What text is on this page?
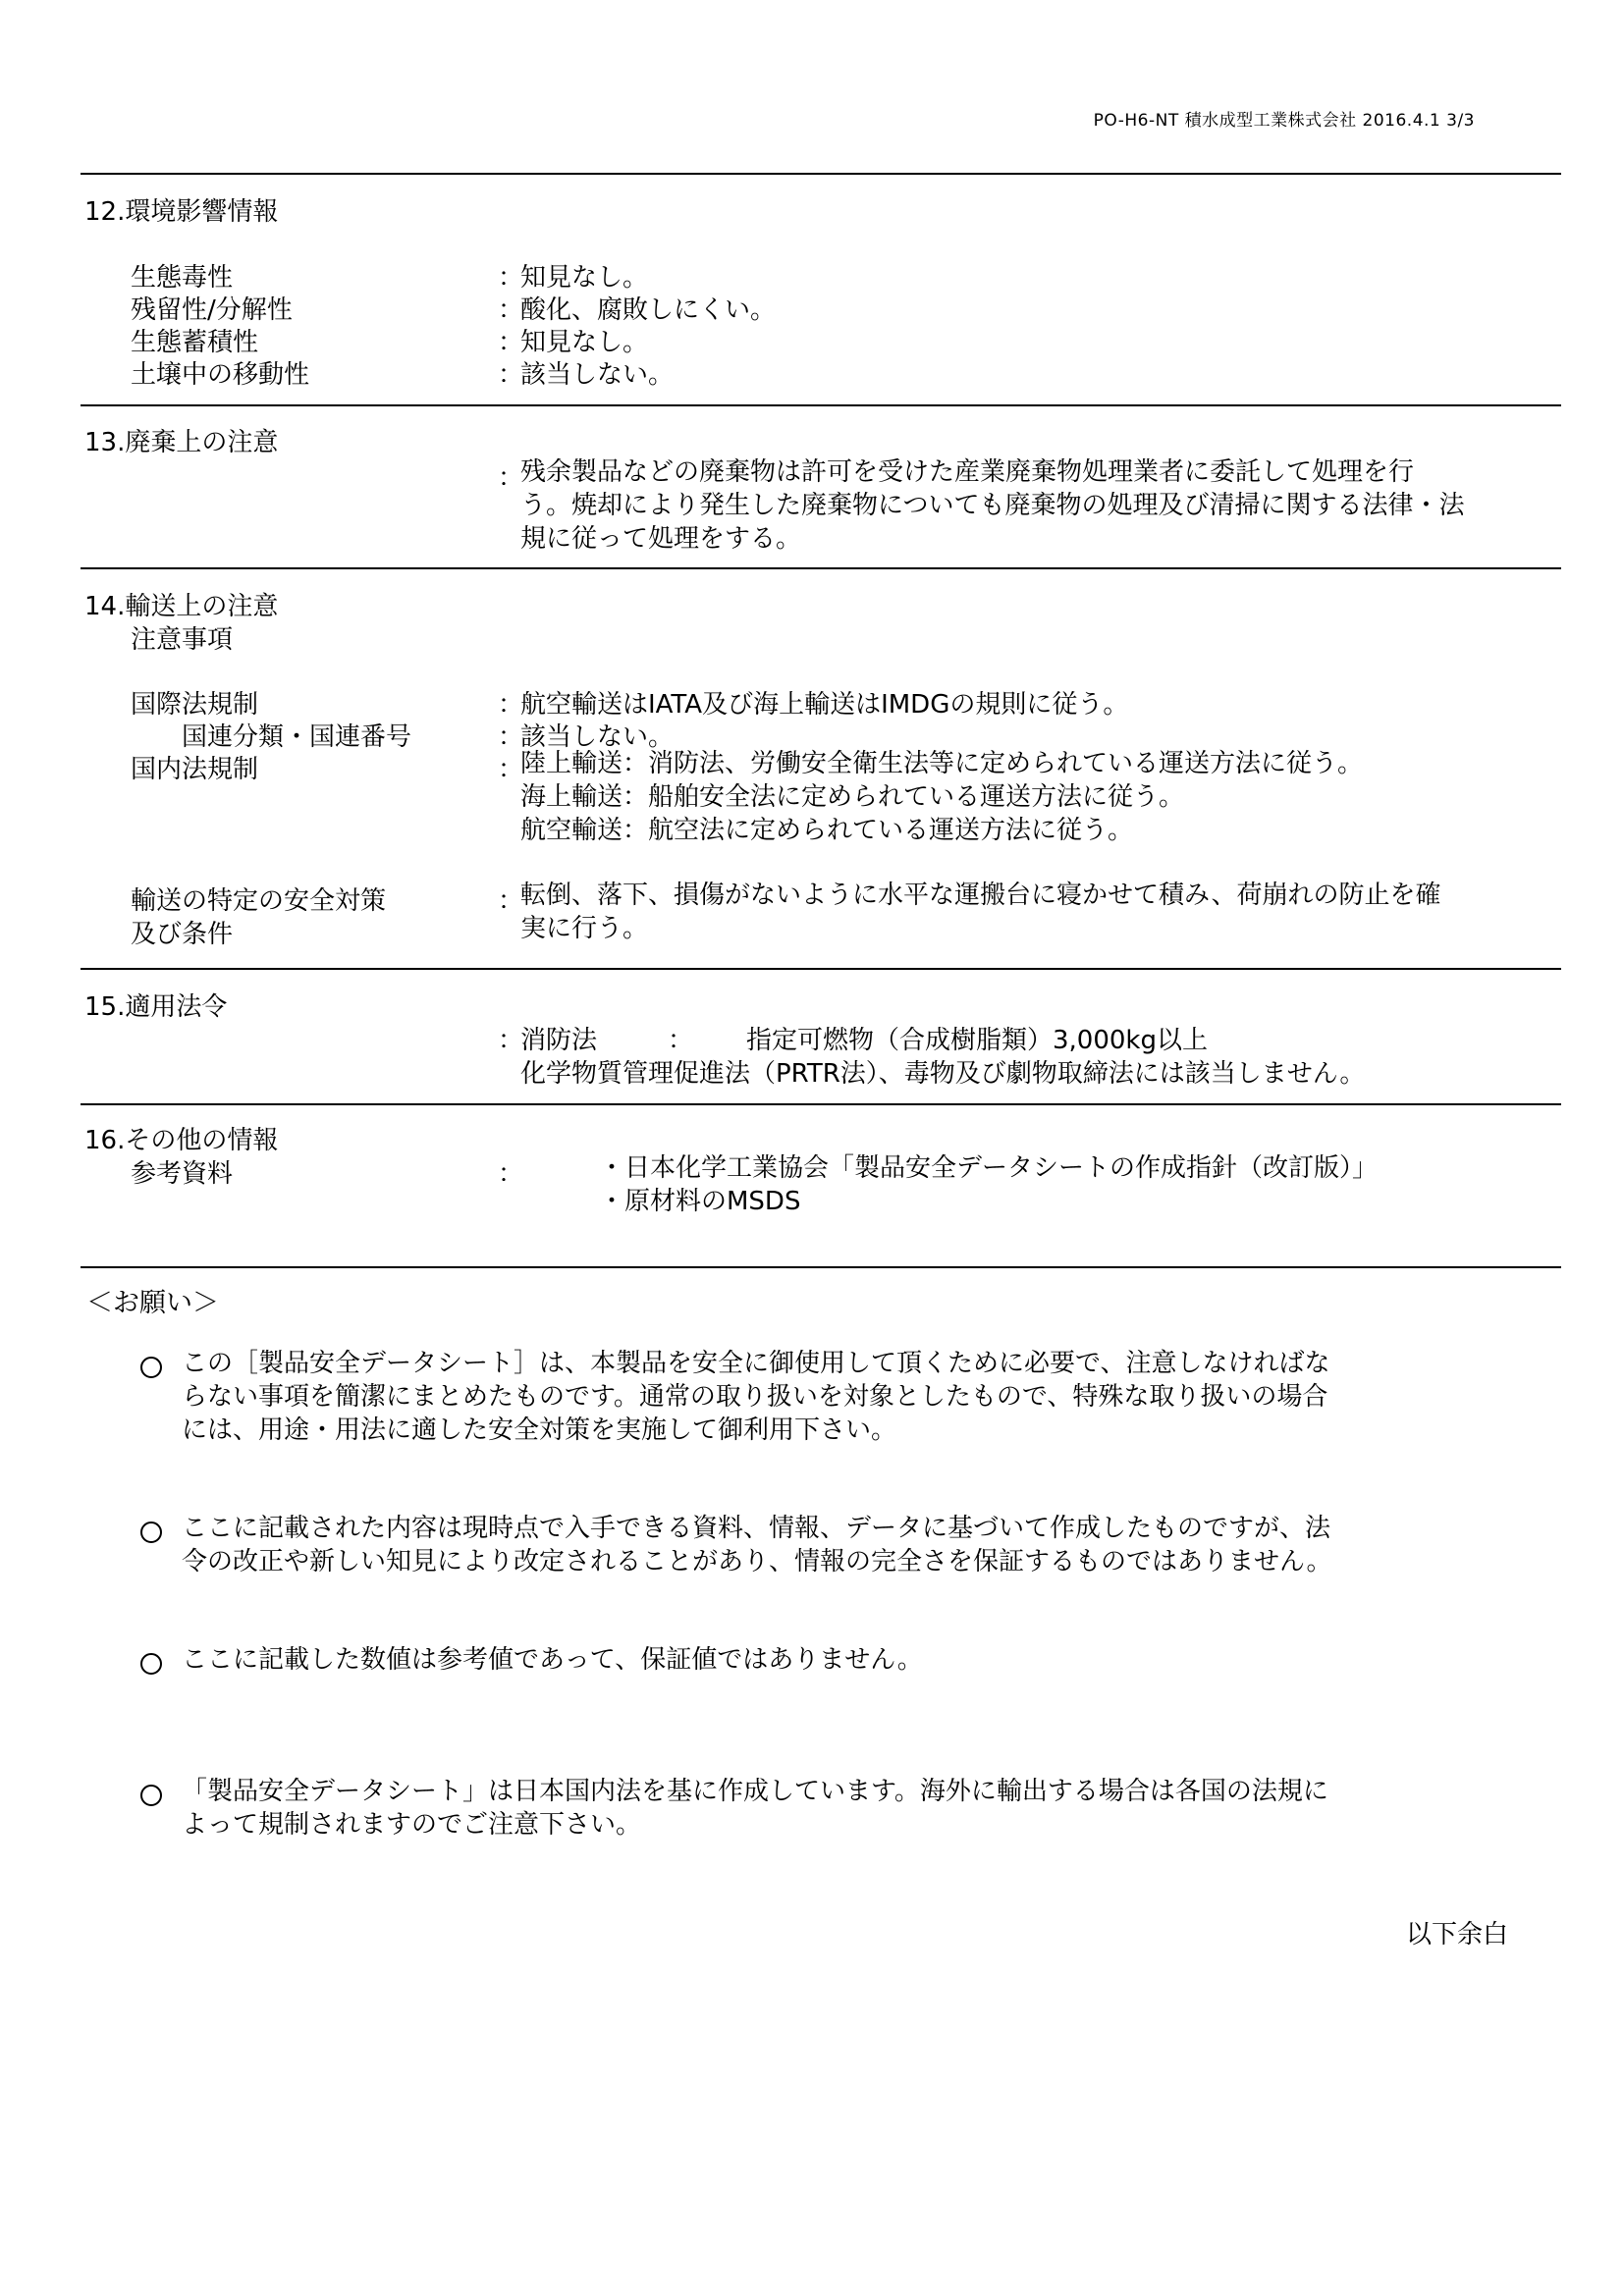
PO-H6-NT 積水成型工業株式会社 2016.4.1 3/3
12.環境影響情報
生態毒性	：
知見なし。
残留性/分解性	：
酸化、腐敗しにくい。
生態蓄積性	：
知見なし。
土壌中の移動性	：
該当しない。
13.廃棄上の注意
：
残余製品などの廃棄物は許可を受けた産業廃棄物処理業者に委託して処理を行
う。焼却により発生した廃棄物についても廃棄物の処理及び清掃に関する法律・法
規に従って処理をする。
14.輸送上の注意
注意事項
国際法規制	：
航空輸送はIATA及び海上輸送はIMDGの規則に従う。
国連分類・国連番号	：
該当しない。
国内法規制	：
陸上輸送：消防法、労働安全衛生法等に定められている運送方法に従う。
海上輸送：船舶安全法に定められている運送方法に従う。
航空輸送：航空法に定められている運送方法に従う。
輸送の特定の安全対策
及び条件
：
転倒、落下、損傷がないように水平な運搬台に寝かせて積み、荷崩れの防止を確
実に行う。
15.適用法令
：
消防法	： 指定可燃物（合成樹脂類）3,000kg以上
化学物質管理促進法（PRTR法）、毒物及び劇物取締法には該当しません。
16.その他の情報
参考資料	：	・日本化学工業協会「製品安全データシートの作成指針（改訂版）」
・原材料のMSDS
＜お願い＞
この［製品安全データシート］は、本製品を安全に御使用して頂くために必要で、注意しなければな
らない事項を簡潔にまとめたものです。通常の取り扱いを対象としたもので、特殊な取り扱いの場合
には、用途・用法に適した安全対策を実施して御利用下さい。
ここに記載された内容は現時点で入手できる資料、情報、データに基づいて作成したものですが、法
令の改正や新しい知見により改定されることがあり、情報の完全さを保証するものではありません。
ここに記載した数値は参考値であって、保証値ではありません。
「製品安全データシート」は日本国内法を基に作成しています。海外に輸出する場合は各国の法規に
よって規制されますのでご注意下さい。
以下余白
